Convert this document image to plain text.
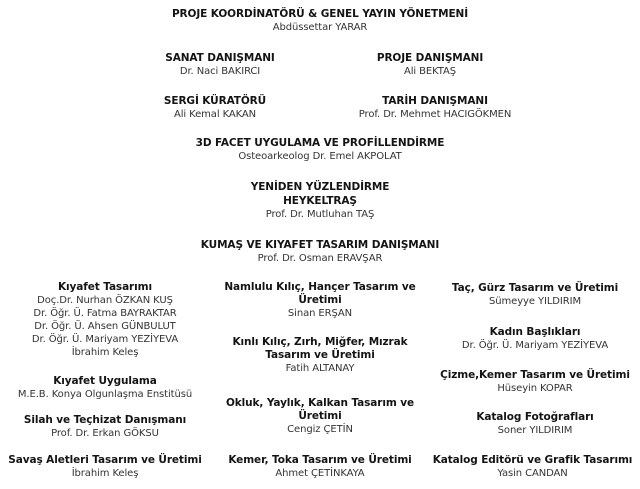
PROJE KOORDİNATÖRÜ & GENEL YAYIN YÖNETMENİ
Abdüssettar YARAR
SANAT DANIŞMANI
Dr. Naci BAKIRCI
PROJE DANIŞMANI
Ali BEKTAŞ
SERGİ KÜRATÖRÜ
Ali Kemal KAKAN
TARİH DANIŞMANI
Prof. Dr. Mehmet HACIGÖKMEN
3D FACET UYGULAMA VE PROFİLLENDİRME
Osteoarkeolog Dr. Emel AKPOLAT
YENİDEN YÜZLENDİRME
HEYKELTRAŞ
Prof. Dr. Mutluhan TAŞ
KUMAŞ VE KIYAFET TASARIM DANIŞMANI
Prof. Dr. Osman ERAVŞAR
Kıyafet Tasarımı
Doç.Dr. Nurhan ÖZKAN KUŞ
Dr. Öğr. Ü. Fatma BAYRAKTAR
Dr. Öğr. Ü. Ahsen GÜNBULUT
Dr. Öğr. Ü. Mariyam YEZİYEVA
İbrahim Keleş
Kıyafet Uygulama
M.E.B. Konya Olgunlaşma Enstitüsü
Silah ve Teçhizat Danışmanı
Prof. Dr. Erkan GÖKSU
Savaş Aletleri Tasarım ve Üretimi
İbrahim Keleş
Namlulu Kılıç, Hançer Tasarım ve
Üretimi
Sinan ERŞAN
Kınlı Kılıç, Zırh, Miğfer, Mızrak
Tasarım ve Üretimi
Fatih ALTANAY
Okluk, Yaylık, Kalkan Tasarım ve
Üretimi
Cengiz ÇETİN
Kemer, Toka Tasarım ve Üretimi
Ahmet ÇETİNKAYA
Taç, Gürz Tasarım ve Üretimi
Sümeyye YILDIRIM
Kadın Başlıkları
Dr. Öğr. Ü. Mariyam YEZİYEVA
Çizme,Kemer Tasarım ve Üretimi
Hüseyin KOPAR
Katalog Fotoğrafları
Soner YILDIRIM
Katalog Editörü ve Grafik Tasarımı
Yasin CANDAN
